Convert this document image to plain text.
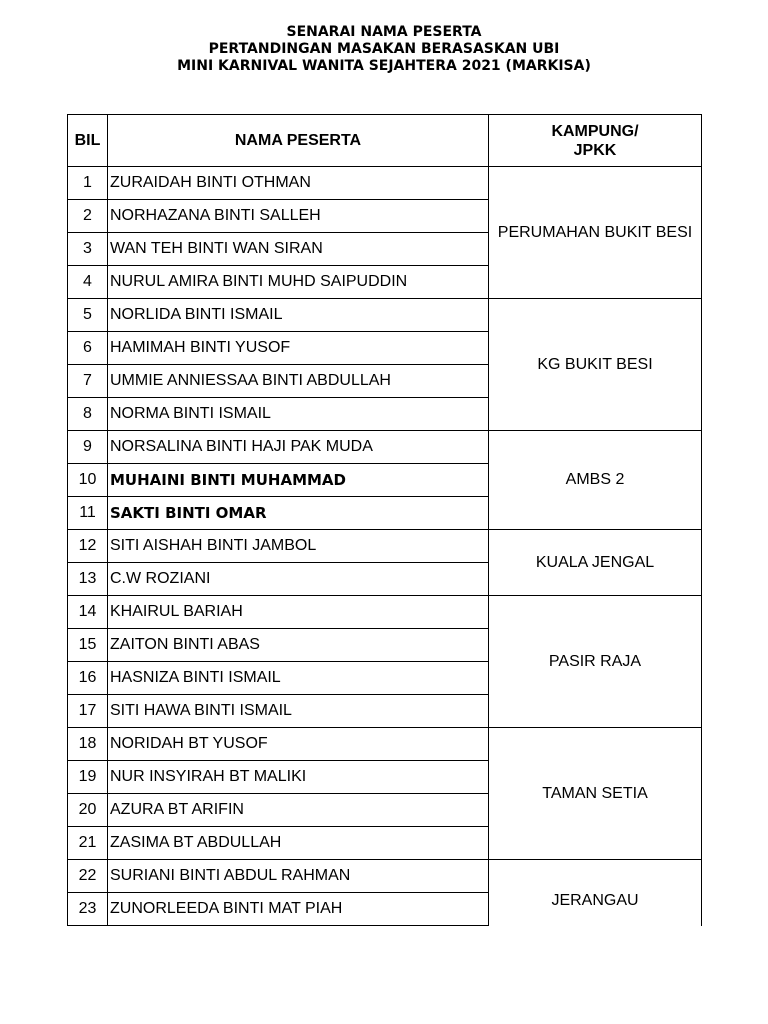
SENARAI NAMA PESERTA
PERTANDINGAN MASAKAN BERASASKAN UBI
MINI KARNIVAL WANITA SEJAHTERA 2021 (MARKISA)
BIL	NAMA PESERTA	KAMPUNG/
JPKK
1	ZURAIDAH BINTI OTHMAN	PERUMAHAN BUKIT BESI
2	NORHAZANA BINTI SALLEH	
3	WAN TEH BINTI WAN SIRAN	
4	NURUL AMIRA BINTI MUHD SAIPUDDIN	
5	NORLIDA BINTI ISMAIL	KG BUKIT BESI
6	HAMIMAH BINTI YUSOF	
7	UMMIE ANNIESSAA BINTI ABDULLAH	
8	NORMA BINTI ISMAIL	
9	NORSALINA BINTI HAJI PAK MUDA	AMBS 2
10	MUHAINI BINTI MUHAMMAD	
11	SAKTI BINTI OMAR	
12	SITI AISHAH BINTI JAMBOL	KUALA JENGAL
13	C.W ROZIANI	
14	KHAIRUL BARIAH	PASIR RAJA
15	ZAITON BINTI ABAS	
16	HASNIZA BINTI ISMAIL	
17	SITI HAWA BINTI ISMAIL	
18	NORIDAH BT YUSOF	TAMAN SETIA
19	NUR INSYIRAH BT MALIKI	
20	AZURA BT ARIFIN	
21	ZASIMA BT ABDULLAH	
22	SURIANI BINTI ABDUL RAHMAN	JERANGAU
23	ZUNORLEEDA BINTI MAT PIAH	
